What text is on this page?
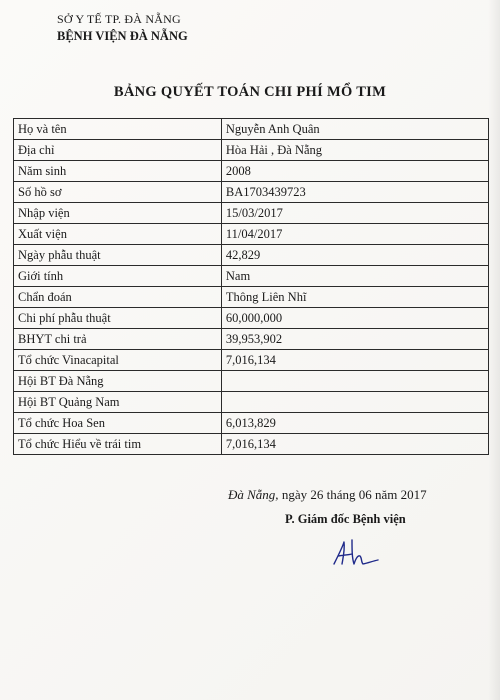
SỞ Y TẾ TP. ĐÀ NẴNG
BỆNH VIỆN ĐÀ NẴNG
BẢNG QUYẾT TOÁN CHI PHÍ MỔ TIM
Họ và tên	Nguyễn Anh Quân
Địa chỉ	Hòa Hải , Đà Nẵng
Năm sinh	2008
Số hồ sơ	BA1703439723
Nhập viện	15/03/2017
Xuất viện	11/04/2017
Ngày phẫu thuật	42,829
Giới tính	Nam
Chẩn đoán	Thông Liên Nhĩ
Chi phí phẫu thuật	60,000,000
BHYT chi trả	39,953,902
Tổ chức Vinacapital	7,016,134
Hội BT Đà Nẵng	
Hội BT Quảng Nam	
Tổ chức Hoa Sen	6,013,829
Tổ chức Hiểu về trái tim	7,016,134
Đà Nẵng, ngày 26 tháng 06 năm 2017
P. Giám đốc Bệnh viện
